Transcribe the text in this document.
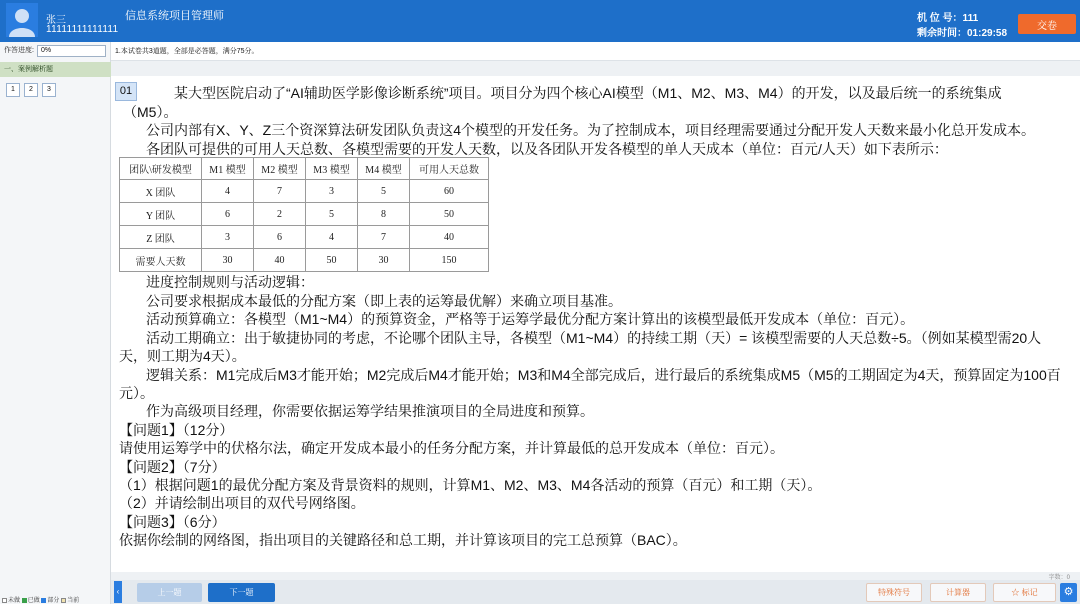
张三
11111111111111
信息系统项目管理师	机 位 号：111
剩余时间：01:29:58
交卷
作答进度:	0%
一、案例解析题
1	2	3
未做 已做 部分 当前
1.本试卷共3道题，全部是必答题，满分75分。
01	某大型医院启动了“AI辅助医学影像诊断系统”项目。项目分为四个核心AI模型（M1、M2、M3、M4）的开发，以及最后统一的系统集成
（M5）。
公司内部有X、Y、Z三个资深算法研发团队负责这4个模型的开发任务。为了控制成本，项目经理需要通过分配开发人天数来最小化总开发成本。
各团队可提供的可用人天总数、各模型需要的开发人天数，以及各团队开发各模型的单人天成本（单位：百元/人天）如下表所示：
团队\研发模型	M1 模型	M2 模型	M3 模型	M4 模型	可用人天总数
X 团队	4	7	3	5	60
Y 团队	6	2	5	8	50
Z 团队	3	6	4	7	40
需要人天数	30	40	50	30	150
进度控制规则与活动逻辑：
公司要求根据成本最低的分配方案（即上表的运筹最优解）来确立项目基准。
活动预算确立：各模型（M1~M4）的预算资金，严格等于运筹学最优分配方案计算出的该模型最低开发成本（单位：百元）。
活动工期确立：出于敏捷协同的考虑，不论哪个团队主导，各模型（M1~M4）的持续工期（天）= 该模型需要的人天总数÷5。（例如某模型需20人
天，则工期为4天）。
逻辑关系：M1完成后M3才能开始；M2完成后M4才能开始；M3和M4全部完成后，进行最后的系统集成M5（M5的工期固定为4天，预算固定为100百
元）。
作为高级项目经理，你需要依据运筹学结果推演项目的全局进度和预算。
【问题1】（12分）
请使用运筹学中的伏格尔法，确定开发成本最小的任务分配方案，并计算最低的总开发成本（单位：百元）。
【问题2】（7分）
（1）根据问题1的最优分配方案及背景资料的规则，计算M1、M2、M3、M4各活动的预算（百元）和工期（天）。
（2）并请绘制出项目的双代号网络图。
【问题3】（6分）
依据你绘制的网络图，指出项目的关键路径和总工期，并计算该项目的完工总预算（BAC）。
字数：0
‹	上一题	下一题	特殊符号	计算器	☆ 标记	⚙
